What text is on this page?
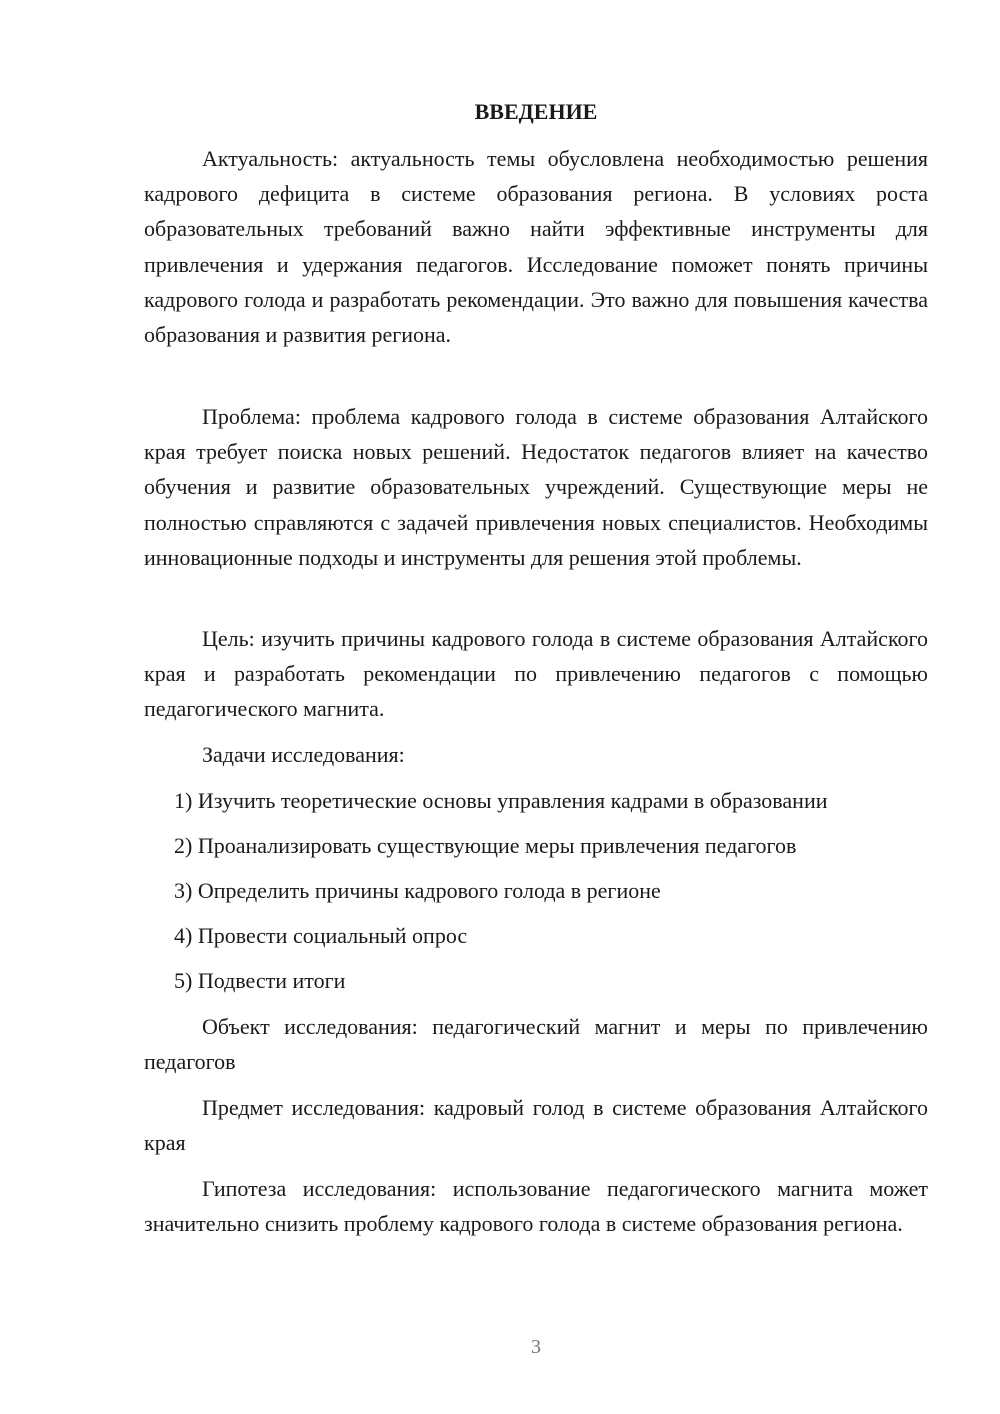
ВВЕДЕНИЕ

Актуальность: актуальность темы обусловлена необходимостью решения кадрового дефицита в системе образования региона. В условиях роста образовательных требований важно найти эффективные инструменты для привлечения и удержания педагогов. Исследование поможет понять причины кадрового голода и разработать рекомендации. Это важно для повышения качества образования и развития региона.

Проблема: проблема кадрового голода в системе образования Алтайского края требует поиска новых решений. Недостаток педагогов влияет на качество обучения и развитие образовательных учреждений. Существующие меры не полностью справляются с задачей привлечения новых специалистов. Необходимы инновационные подходы и инструменты для решения этой проблемы.

Цель: изучить причины кадрового голода в системе образования Алтайского края и разработать рекомендации по привлечению педагогов с помощью педагогического магнита.

Задачи исследования:

1) Изучить теоретические основы управления кадрами в образовании

2) Проанализировать существующие меры привлечения педагогов

3) Определить причины кадрового голода в регионе

4) Провести социальный опрос

5) Подвести итоги

Объект исследования: педагогический магнит и меры по привлечению педагогов

Предмет исследования: кадровый голод в системе образования Алтайского края

Гипотеза исследования: использование педагогического магнита может значительно снизить проблему кадрового голода в системе образования региона.

3
